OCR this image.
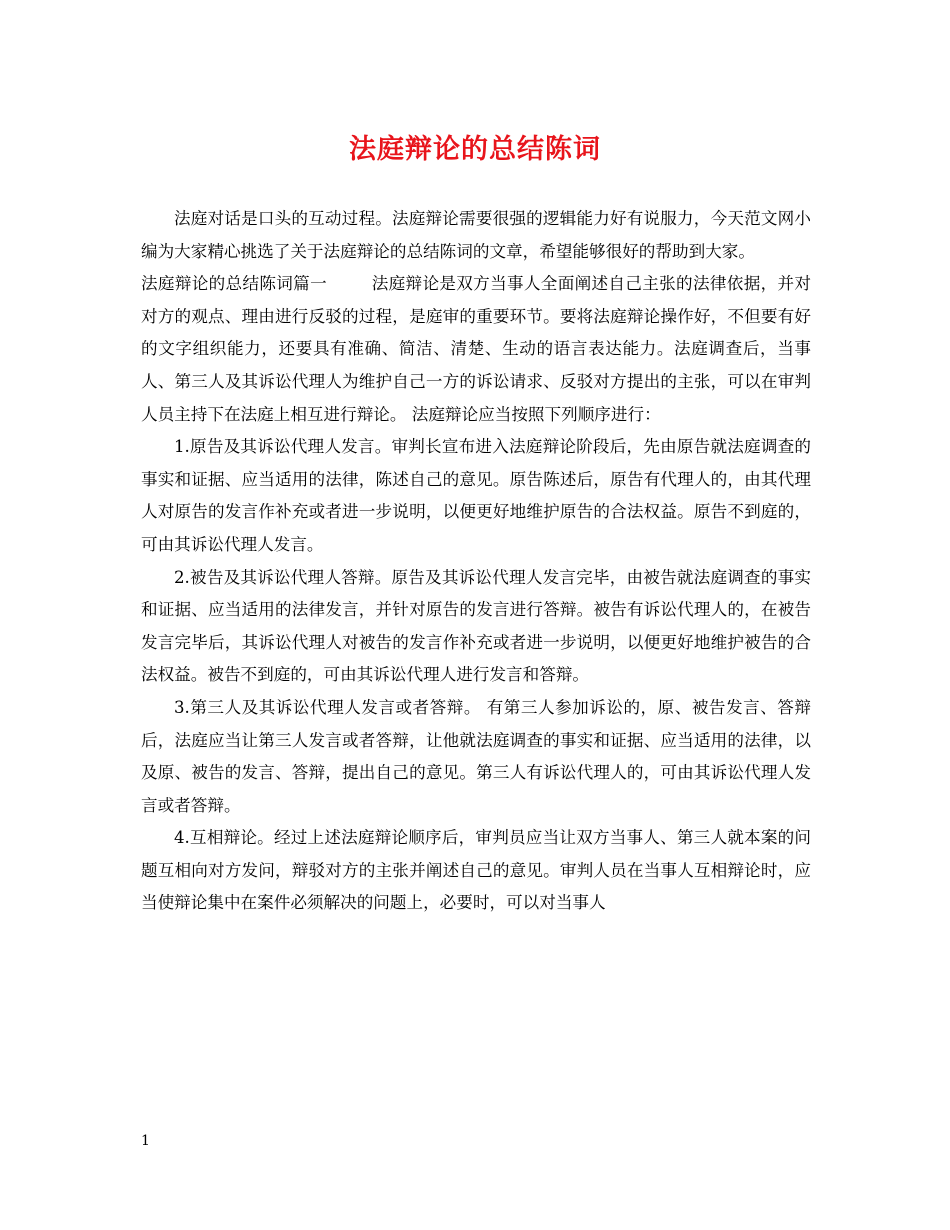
法庭辩论的总结陈词

法庭对话是口头的互动过程。法庭辩论需要很强的逻辑能力好有说服力，今天范文网小编为大家精心挑选了关于法庭辩论的总结陈词的文章，希望能够很好的帮助到大家。

法庭辩论的总结陈词篇一	法庭辩论是双方当事人全面阐述自己主张的法律依据，并对对方的观点、理由进行反驳的过程，是庭审的重要环节。要将法庭辩论操作好，不但要有好的文字组织能力，还要具有准确、简洁、清楚、生动的语言表达能力。法庭调查后，当事人、第三人及其诉讼代理人为维护自己一方的诉讼请求、反驳对方提出的主张，可以在审判人员主持下在法庭上相互进行辩论。 法庭辩论应当按照下列顺序进行：

1.原告及其诉讼代理人发言。审判长宣布进入法庭辩论阶段后，先由原告就法庭调查的事实和证据、应当适用的法律，陈述自己的意见。原告陈述后，原告有代理人的，由其代理人对原告的发言作补充或者进一步说明，以便更好地维护原告的合法权益。原告不到庭的，可由其诉讼代理人发言。

2.被告及其诉讼代理人答辩。原告及其诉讼代理人发言完毕，由被告就法庭调查的事实和证据、应当适用的法律发言，并针对原告的发言进行答辩。被告有诉讼代理人的，在被告发言完毕后，其诉讼代理人对被告的发言作补充或者进一步说明，以便更好地维护被告的合法权益。被告不到庭的，可由其诉讼代理人进行发言和答辩。

3.第三人及其诉讼代理人发言或者答辩。 有第三人参加诉讼的，原、被告发言、答辩后，法庭应当让第三人发言或者答辩，让他就法庭调查的事实和证据、应当适用的法律，以及原、被告的发言、答辩，提出自己的意见。第三人有诉讼代理人的，可由其诉讼代理人发言或者答辩。

4.互相辩论。经过上述法庭辩论顺序后，审判员应当让双方当事人、第三人就本案的问题互相向对方发问，辩驳对方的主张并阐述自己的意见。审判人员在当事人互相辩论时，应当使辩论集中在案件必须解决的问题上，必要时，可以对当事人

1
